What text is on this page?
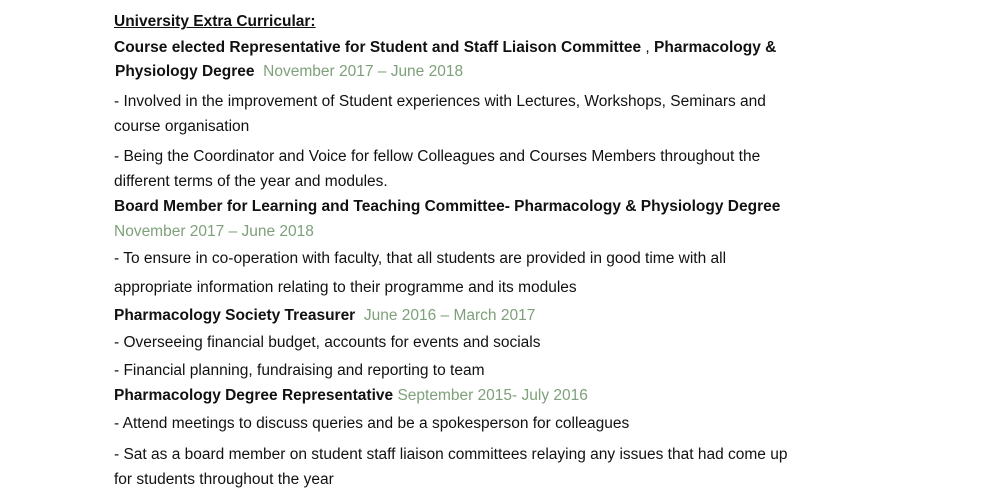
University Extra Curricular:
Course elected Representative for Student and Staff Liaison Committee , Pharmacology &
Physiology Degree November 2017 – June 2018
- Involved in the improvement of Student experiences with Lectures, Workshops, Seminars and
course organisation
- Being the Coordinator and Voice for fellow Colleagues and Courses Members throughout the
different terms of the year and modules.
Board Member for Learning and Teaching Committee- Pharmacology & Physiology Degree
November 2017 – June 2018
- To ensure in co-operation with faculty, that all students are provided in good time with all
appropriate information relating to their programme and its modules
Pharmacology Society Treasurer June 2016 – March 2017
- Overseeing financial budget, accounts for events and socials
- Financial planning, fundraising and reporting to team
Pharmacology Degree Representative September 2015- July 2016
- Attend meetings to discuss queries and be a spokesperson for colleagues
- Sat as a board member on student staff liaison committees relaying any issues that had come up
for students throughout the year
